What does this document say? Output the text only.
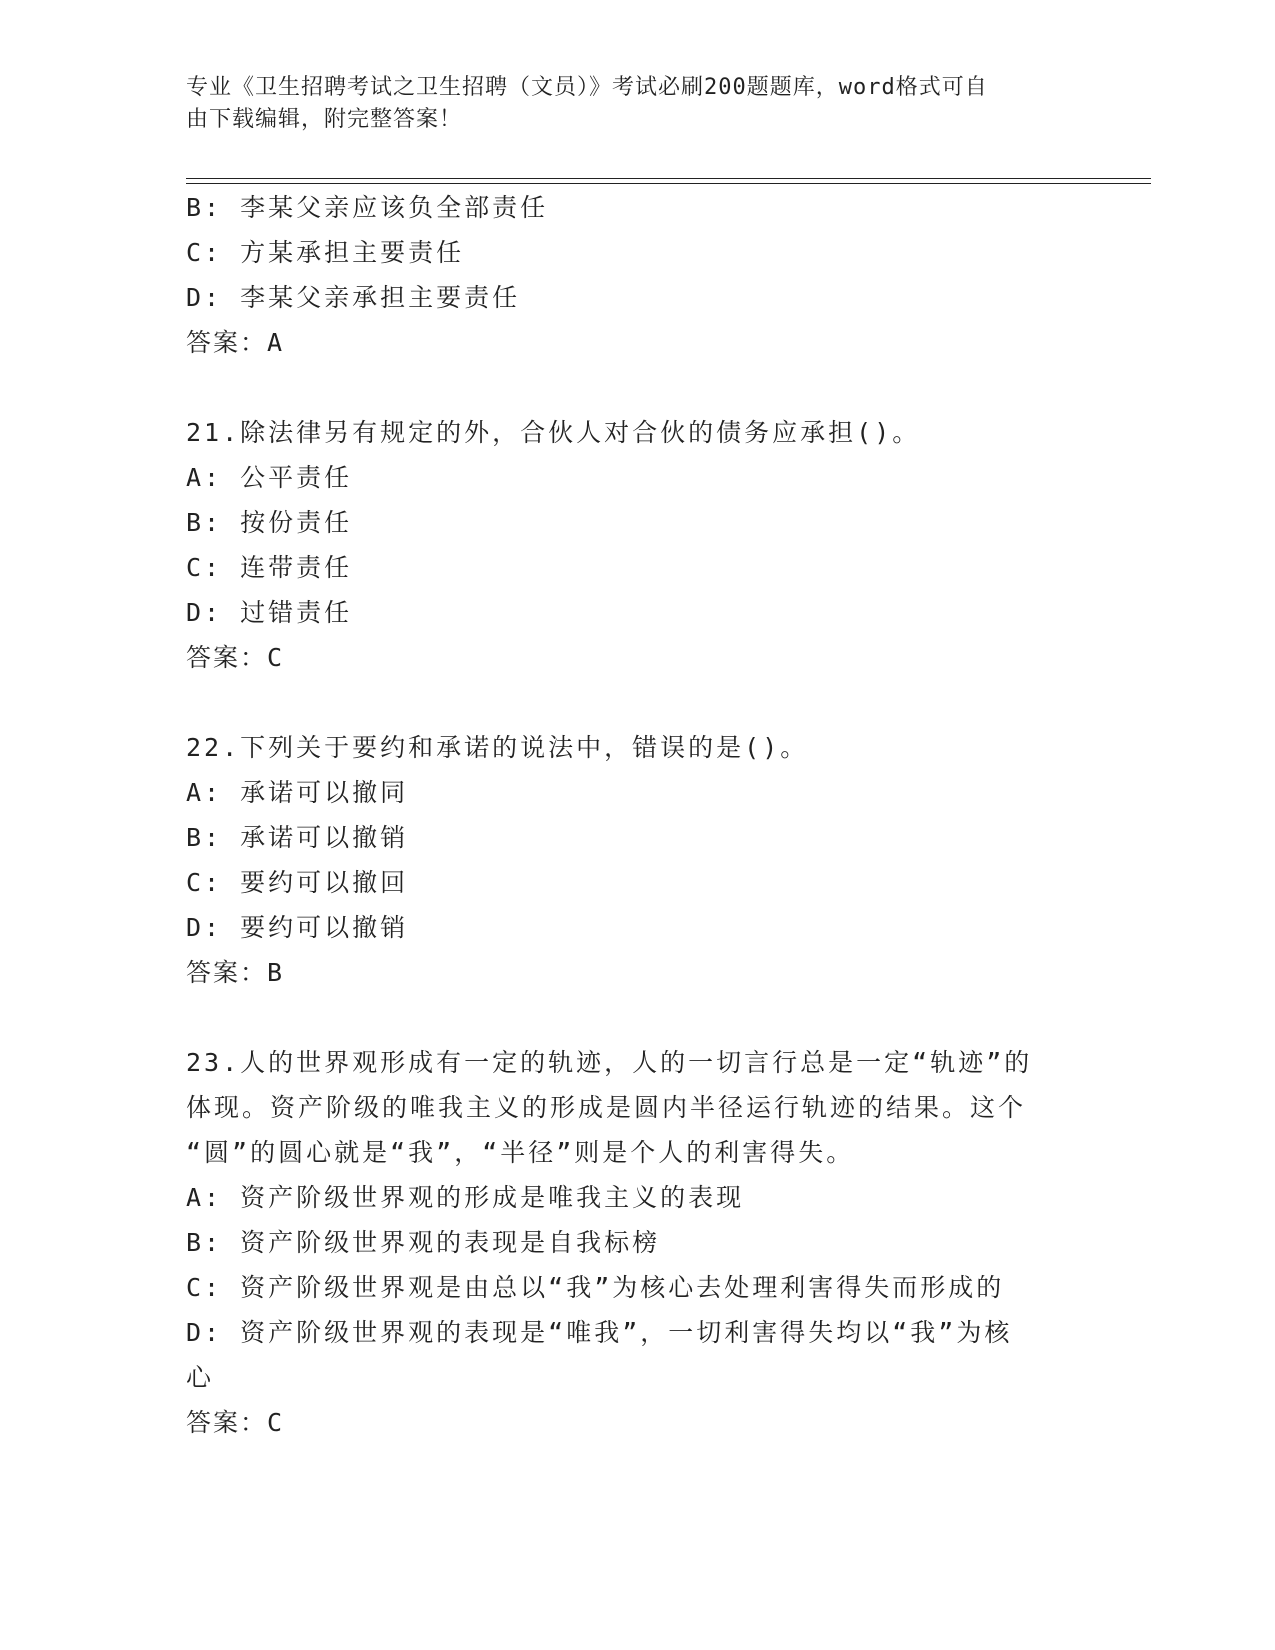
专业《卫生招聘考试之卫生招聘（文员）》考试必刷200题题库，word格式可自
由下载编辑，附完整答案！
B: 李某父亲应该负全部责任
C: 方某承担主要责任
D: 李某父亲承担主要责任
答案：A
21.除法律另有规定的外，合伙人对合伙的债务应承担()。
A: 公平责任
B: 按份责任
C: 连带责任
D: 过错责任
答案：C
22.下列关于要约和承诺的说法中，错误的是()。
A: 承诺可以撤同
B: 承诺可以撤销
C: 要约可以撤回
D: 要约可以撤销
答案：B
23.人的世界观形成有一定的轨迹，人的一切言行总是一定“轨迹”的
体现。资产阶级的唯我主义的形成是圆内半径运行轨迹的结果。这个
“圆”的圆心就是“我”，“半径”则是个人的利害得失。
A: 资产阶级世界观的形成是唯我主义的表现
B: 资产阶级世界观的表现是自我标榜
C: 资产阶级世界观是由总以“我”为核心去处理利害得失而形成的
D: 资产阶级世界观的表现是“唯我”，一切利害得失均以“我”为核
心
答案：C
